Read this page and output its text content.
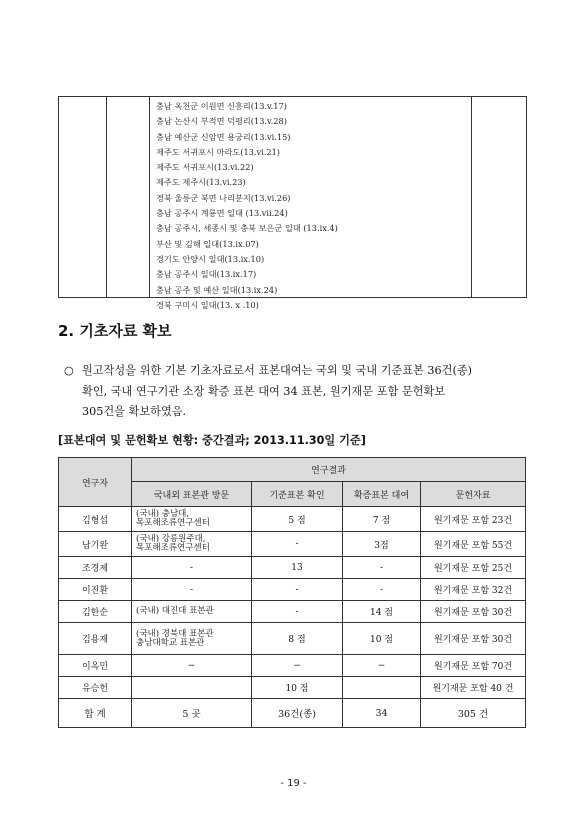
충남 옥천군 이원면 신흥리(13.v.17)
충남 논산시 부적면 덕평리(13.v.28)
충남 예산군 신암면 용궁리(13.vi.15)
제주도 서귀포시 마라도(13.vi.21)
제주도 서귀포시(13.vi.22)
제주도 제주시(13.vi.23)
경북 울릉군 북면 나리분지(13.vi.26)
충남 공주시 계룡면 일대 (13.ⅶ.24)
충남 공주시, 세종시 및 충북 보은군 일대 (13.ix.4)
부산 및 김해 일대(13.ix.07)
경기도 안양시 일대(13.ix.10)
충남 공주시 일대(13.ix.17)
충남 공주 및 예산 일대(13.ix.24)
경북 구미시 일대(13. x .10)
2. 기초자료 확보
○ 원고작성을 위한 기본 기초자료로서 표본대여는 국외 및 국내 기준표본 36건(종)
확인, 국내 연구기관 소장 확증 표본 대여 34 표본, 원기재문 포함 문헌확보
305건을 확보하였음.
[표본대여 및 문헌확보 현황: 중간결과; 2013.11.30일 기준]
연구자	연구결과			
	국내외 표본관 방문	기준표본 확인	확증표본 대여	문헌자료
김형섭	(국내) 충남대,
목포해조류연구센터	5 점	7 점	원기재문 포함 23건
남기완	(국내) 강릉원주대,
목포해조류연구센터	-	3점	원기재문 포함 55건
조경제	-	13	-	원기재문 포함 25건
이진환	-	-	-	원기재문 포함 32건
김한순	(국내) 대진대 표본관	-	14 점	원기재문 포함 30건
김용재	(국내) 경북대 표본관
충남대학교 표본관	8 점	10 점	원기재문 포함 30건
이옥민	−	−	−	원기재문 포함 70건
유승헌		10 점		원기재문 포함 40 건
합 계	5 곳	36건(종)	34	305 건
- 19 -
